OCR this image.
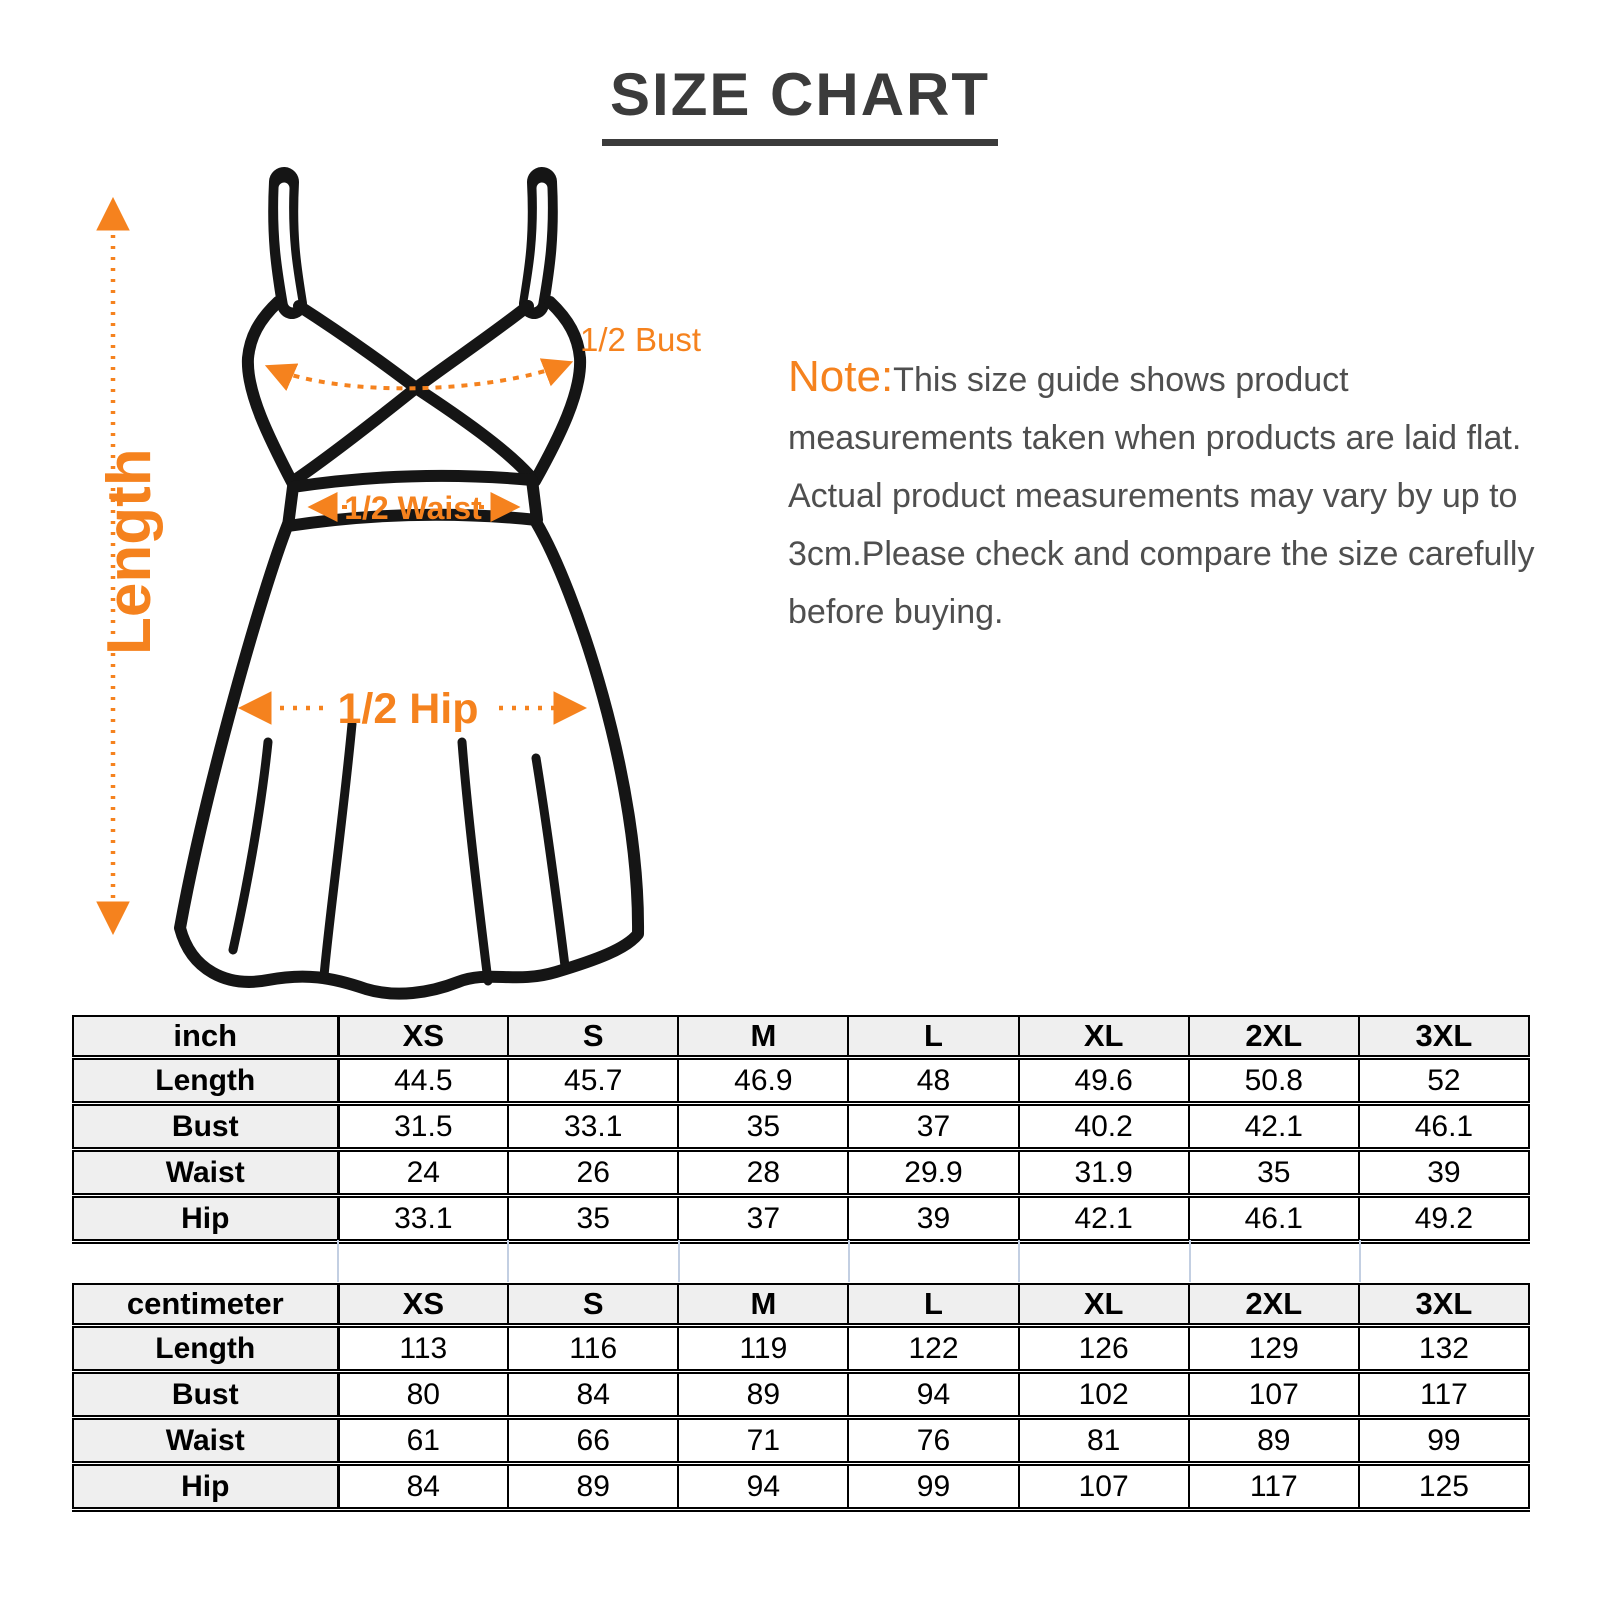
SIZE CHART
Note:This size guide shows product measurements taken when products are laid flat. Actual product measurements may vary by up to 3cm.Please check and compare the size carefully before buying.
Length
1/2 Bust
1/2 Waist
1/2 Hip
inch	XS	S	M	L	XL	2XL	3XL
Length	44.5	45.7	46.9	48	49.6	50.8	52
Bust	31.5	33.1	35	37	40.2	42.1	46.1
Waist	24	26	28	29.9	31.9	35	39
Hip	33.1	35	37	39	42.1	46.1	49.2
centimeter	XS	S	M	L	XL	2XL	3XL
Length	113	116	119	122	126	129	132
Bust	80	84	89	94	102	107	117
Waist	61	66	71	76	81	89	99
Hip	84	89	94	99	107	117	125
